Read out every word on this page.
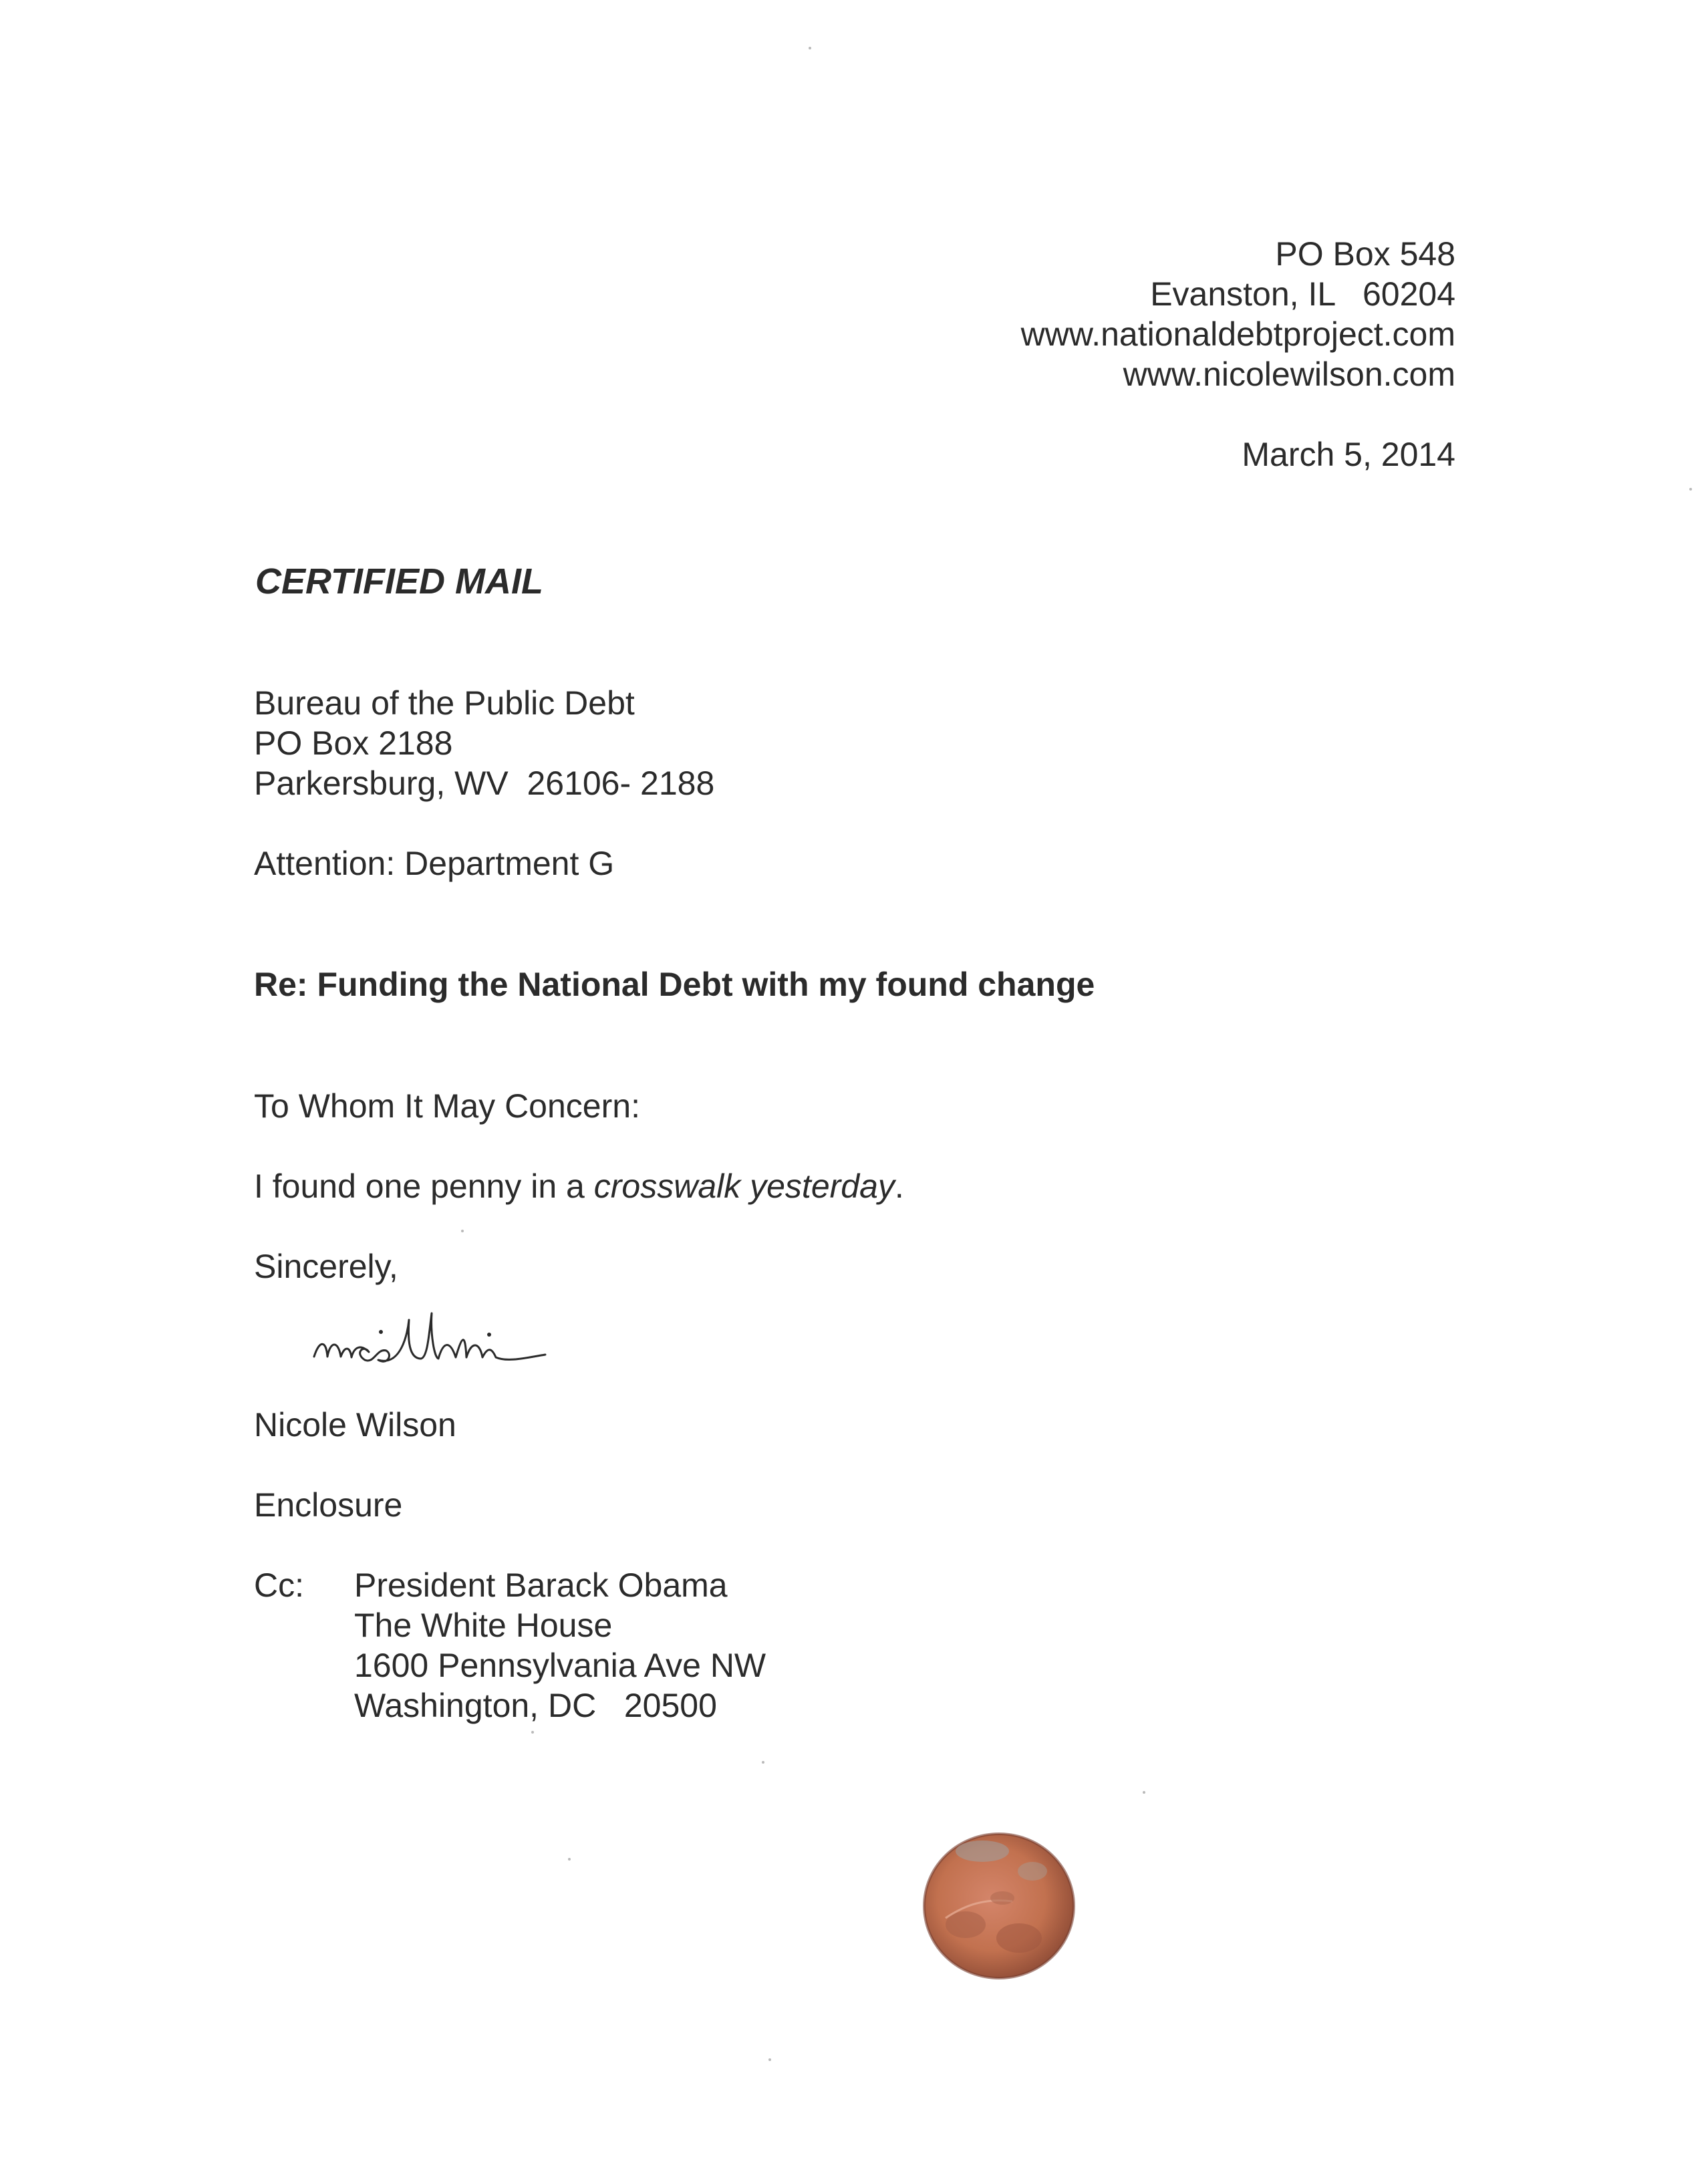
PO Box 548
Evanston, IL   60204
www.nationaldebtproject.com
www.nicolewilson.com
March 5, 2014
CERTIFIED MAIL
Bureau of the Public Debt
PO Box 2188
Parkersburg, WV  26106- 2188
Attention: Department G
Re: Funding the National Debt with my found change
To Whom It May Concern:
I found one penny in a crosswalk yesterday.
Sincerely,
Nicole Wilson
Enclosure
Cc: President Barack Obama
The White House
1600 Pennsylvania Ave NW
Washington, DC   20500
